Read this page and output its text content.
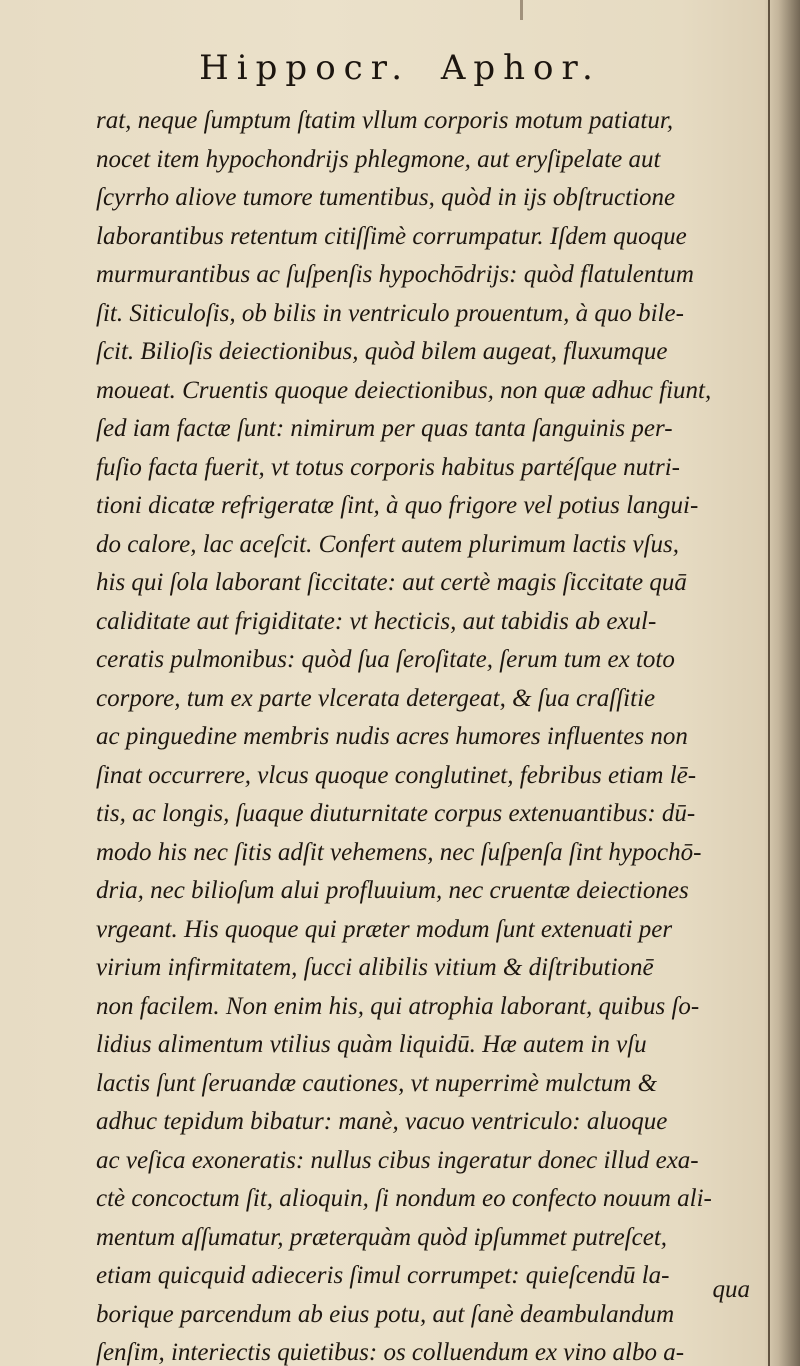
Hippocr. Aphor.
rat, neque ſumptum ſtatim vllum corporis motum patiatur,
nocet item hypochondrijs phlegmone, aut eryſipelate aut
ſcyrrho aliove tumore tumentibus, quòd in ijs obſtructione
laborantibus retentum citiſſimè corrumpatur. Iſdem quoque
murmurantibus ac ſuſpenſis hypochōdrijs: quòd flatulentum
ſit. Siticuloſis, ob bilis in ventriculo prouentum, à quo bile-
ſcit. Bilioſis deiectionibus, quòd bilem augeat, fluxumque
moueat. Cruentis quoque deiectionibus, non quæ adhuc fiunt,
ſed iam factæ ſunt: nimirum per quas tanta ſanguinis per-
fuſio facta fuerit, vt totus corporis habitus partéſque nutri-
tioni dicatæ refrigeratæ ſint, à quo frigore vel potius langui-
do calore, lac aceſcit. Confert autem plurimum lactis vſus,
his qui ſola laborant ſiccitate: aut certè magis ſiccitate quā
caliditate aut frigiditate: vt hecticis, aut tabidis ab exul-
ceratis pulmonibus: quòd ſua ſeroſitate, ſerum tum ex toto
corpore, tum ex parte vlcerata detergeat, & ſua craſſitie
ac pinguedine membris nudis acres humores influentes non
ſinat occurrere, vlcus quoque conglutinet, febribus etiam lē-
tis, ac longis, ſuaque diuturnitate corpus extenuantibus: dū-
modo his nec ſitis adſit vehemens, nec ſuſpenſa ſint hypochō-
dria, nec bilioſum alui profluuium, nec cruentæ deiectiones
vrgeant. His quoque qui præter modum ſunt extenuati per
virium infirmitatem, ſucci alibilis vitium & diſtributionē
non facilem. Non enim his, qui atrophia laborant, quibus ſo-
lidius alimentum vtilius quàm liquidū. Hæ autem in vſu
lactis ſunt ſeruandæ cautiones, vt nuperrimè mulctum &
adhuc tepidum bibatur: manè, vacuo ventriculo: aluoque
ac veſica exoneratis: nullus cibus ingeratur donec illud exa-
ctè concoctum ſit, alioquin, ſi nondum eo confecto nouum ali-
mentum aſſumatur, præterquàm quòd ipſummet putreſcet,
etiam quicquid adieceris ſimul corrumpet: quieſcendū la-
borique parcendum ab eius potu, aut ſanè deambulandum
ſenſim, interiectis quietibus: os colluendum ex vino albo a-
qua
